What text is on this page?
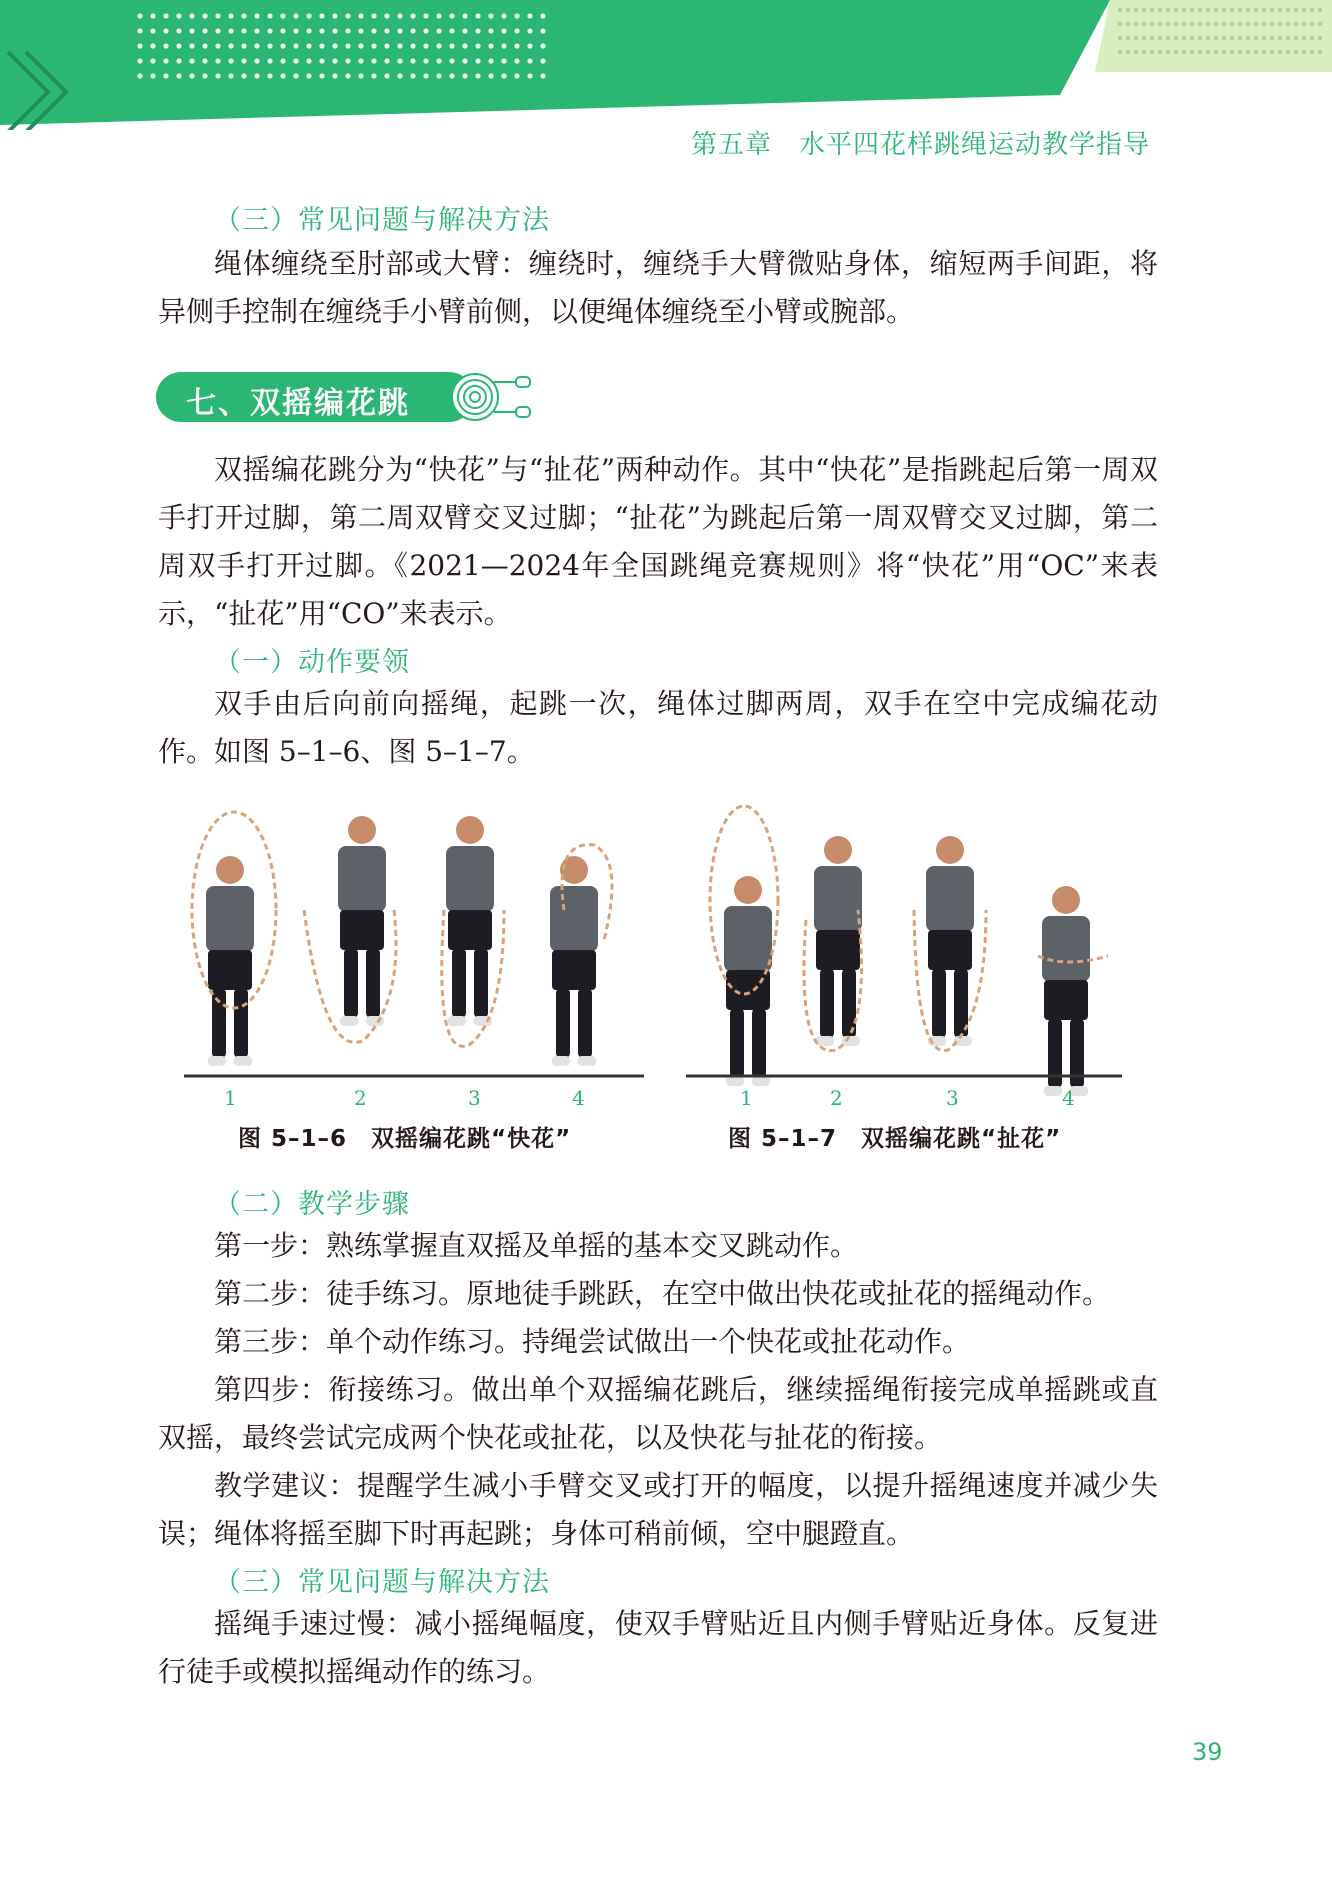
第五章　水平四花样跳绳运动教学指导
（三）常见问题与解决方法

绳体缠绕至肘部或大臂：缠绕时，缠绕手大臂微贴身体，缩短两手间距，将异侧手控制在缠绕手小臂前侧，以便绳体缠绕至小臂或腕部。

七、双摇编花跳

双摇编花跳分为“快花”与“扯花”两种动作。其中“快花”是指跳起后第一周双手打开过脚，第二周双臂交叉过脚；“扯花”为跳起后第一周双臂交叉过脚，第二周双手打开过脚。《2021—2024年全国跳绳竞赛规则》将“快花”用“OC”来表示，“扯花”用“CO”来表示。

（一）动作要领

双手由后向前向摇绳，起跳一次，绳体过脚两周，双手在空中完成编花动作。如图 5–1–6、图 5–1–7。

1	2	3	4
图 5–1–6　双摇编花跳“快花”
1	2	3	4
图 5–1–7　双摇编花跳“扯花”
（二）教学步骤

第一步：熟练掌握直双摇及单摇的基本交叉跳动作。

第二步：徒手练习。原地徒手跳跃，在空中做出快花或扯花的摇绳动作。

第三步：单个动作练习。持绳尝试做出一个快花或扯花动作。

第四步：衔接练习。做出单个双摇编花跳后，继续摇绳衔接完成单摇跳或直双摇，最终尝试完成两个快花或扯花，以及快花与扯花的衔接。

教学建议：提醒学生减小手臂交叉或打开的幅度，以提升摇绳速度并减少失误；绳体将摇至脚下时再起跳；身体可稍前倾，空中腿蹬直。

（三）常见问题与解决方法

摇绳手速过慢：减小摇绳幅度，使双手臂贴近且内侧手臂贴近身体。反复进行徒手或模拟摇绳动作的练习。

39
